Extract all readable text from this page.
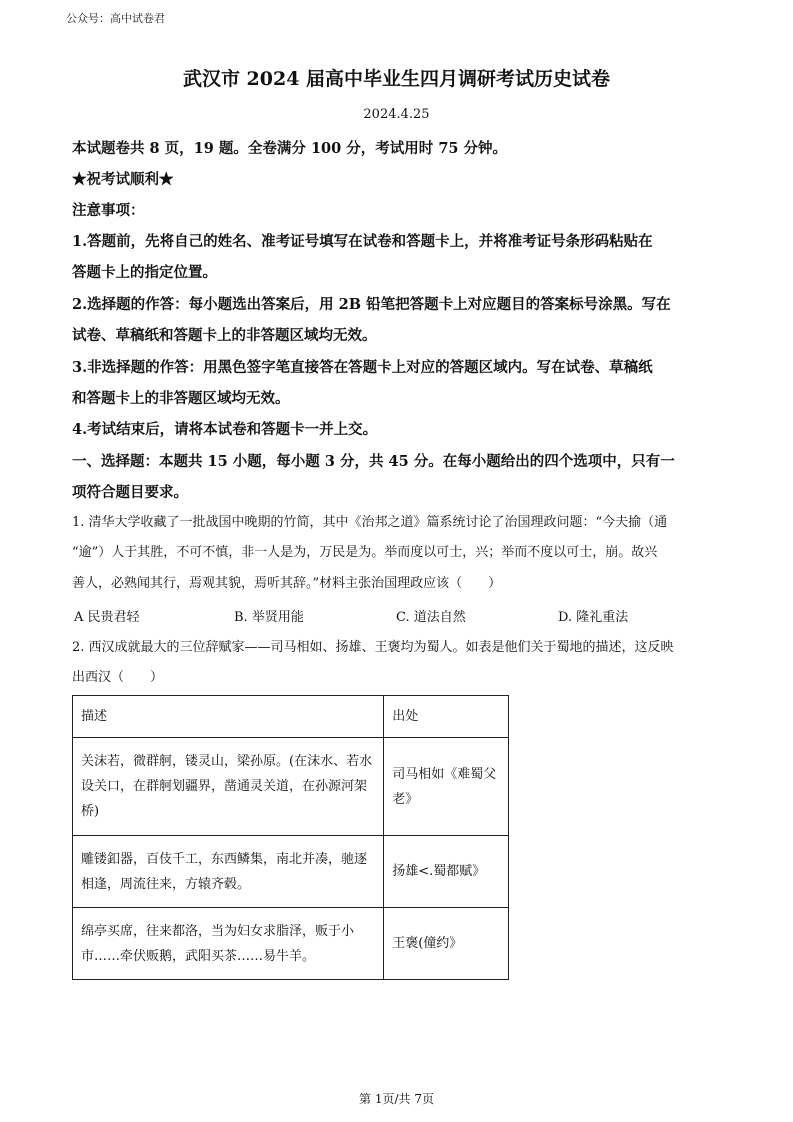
公众号：高中试卷君
武汉市 2024 届高中毕业生四月调研考试历史试卷
2024.4.25
本试题卷共 8 页，19 题。全卷满分 100 分，考试用时 75 分钟。
★祝考试顺利★
注意事项：
1.答题前，先将自己的姓名、准考证号填写在试卷和答题卡上，并将准考证号条形码粘贴在
答题卡上的指定位置。
2.选择题的作答：每小题选出答案后，用 2B 铅笔把答题卡上对应题目的答案标号涂黑。写在
试卷、草稿纸和答题卡上的非答题区域均无效。
3.非选择题的作答：用黑色签字笔直接答在答题卡上对应的答题区域内。写在试卷、草稿纸
和答题卡上的非答题区域均无效。
4.考试结束后，请将本试卷和答题卡一并上交。
一、选择题：本题共 15 小题，每小题 3 分，共 45 分。在每小题给出的四个选项中，只有一
项符合题目要求。
1. 清华大学收藏了一批战国中晚期的竹简，其中《治邦之道》篇系统讨论了治国理政问题：“今夫揄（通
“逾”）人于其胜，不可不慎，非一人是为，万民是为。举而度以可士，兴；举而不度以可士，崩。故兴
善人，必熟闻其行，焉观其貌，焉听其辞。”材料主张治国理政应该（　　）
A 民贵君轻	B. 举贤用能	C. 道法自然	D. 隆礼重法
2. 西汉成就最大的三位辞赋家——司马相如、扬雄、王褒均为蜀人。如表是他们关于蜀地的描述，这反映
出西汉（　　）
描述	出处
关沫若，微群舸，镂灵山，梁孙原。(在沫水、若水设关口，在群舸划疆界，凿通灵关道，在孙源河架桥)	司马相如《难蜀父老》
雕镂釦器，百伎千工，东西鳞集，南北并凑，驰逐相逢，周流往来，方辕齐毂。	扬雄<.蜀都赋》
绵亭买席，往来都洛，当为妇女求脂泽，贩于小市……牵伏贩鹅，武阳买茶……易牛羊。	王褒(僮约》
第 1页/共 7页
